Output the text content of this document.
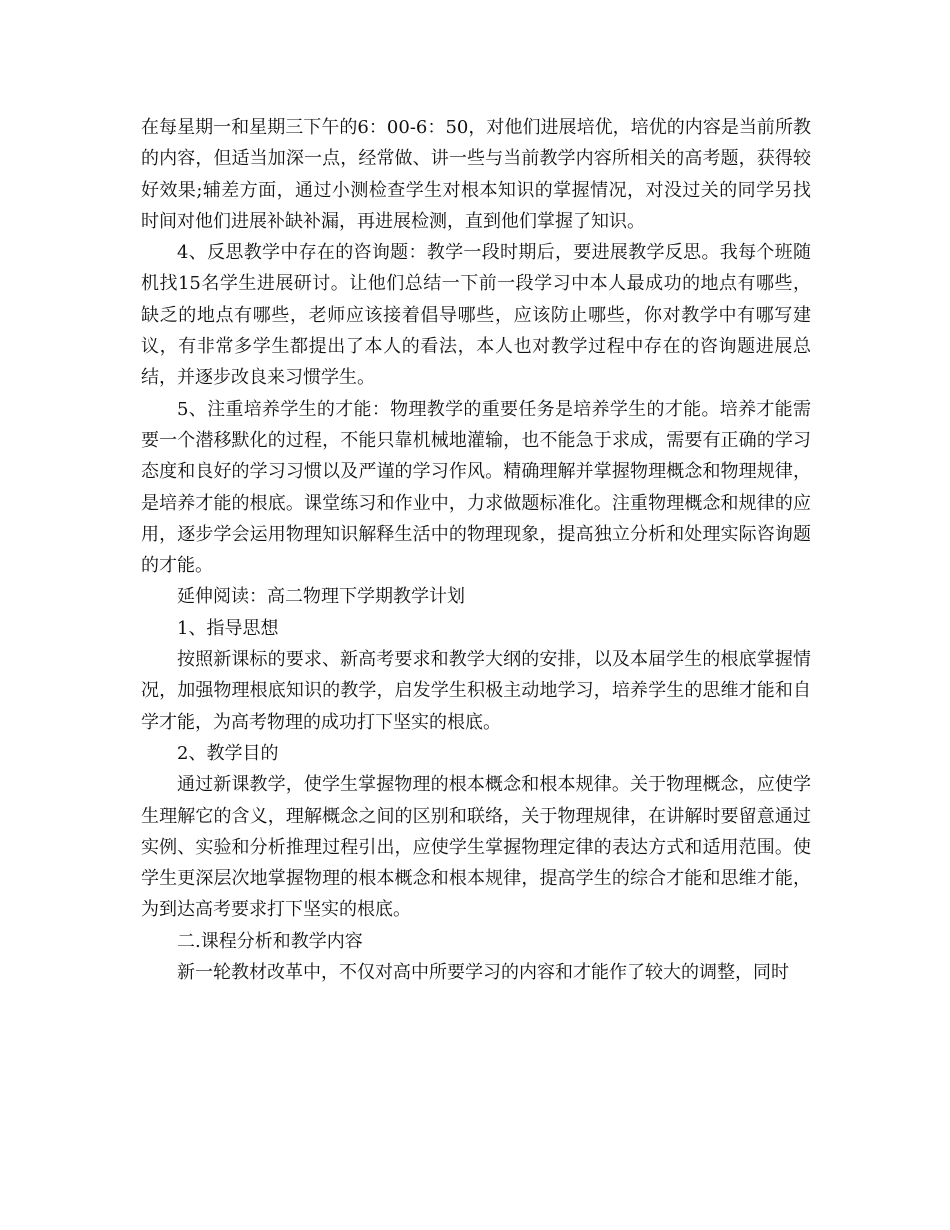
在每星期一和星期三下午的6：00-6：50，对他们进展培优，培优的内容是当前所教的内容，但适当加深一点，经常做、讲一些与当前教学内容所相关的高考题，获得较好效果;辅差方面，通过小测检查学生对根本知识的掌握情况，对没过关的同学另找时间对他们进展补缺补漏，再进展检测，直到他们掌握了知识。

4、反思教学中存在的咨询题：教学一段时期后，要进展教学反思。我每个班随机找15名学生进展研讨。让他们总结一下前一段学习中本人最成功的地点有哪些，缺乏的地点有哪些，老师应该接着倡导哪些，应该防止哪些，你对教学中有哪写建议，有非常多学生都提出了本人的看法，本人也对教学过程中存在的咨询题进展总结，并逐步改良来习惯学生。

5、注重培养学生的才能：物理教学的重要任务是培养学生的才能。培养才能需要一个潜移默化的过程，不能只靠机械地灌输，也不能急于求成，需要有正确的学习态度和良好的学习习惯以及严谨的学习作风。精确理解并掌握物理概念和物理规律，是培养才能的根底。课堂练习和作业中，力求做题标准化。注重物理概念和规律的应用，逐步学会运用物理知识解释生活中的物理现象，提高独立分析和处理实际咨询题的才能。

延伸阅读：高二物理下学期教学计划

1、指导思想

按照新课标的要求、新高考要求和教学大纲的安排，以及本届学生的根底掌握情况，加强物理根底知识的教学，启发学生积极主动地学习，培养学生的思维才能和自学才能，为高考物理的成功打下坚实的根底。

2、教学目的

通过新课教学，使学生掌握物理的根本概念和根本规律。关于物理概念，应使学生理解它的含义，理解概念之间的区别和联络，关于物理规律，在讲解时要留意通过实例、实验和分析推理过程引出，应使学生掌握物理定律的表达方式和适用范围。使学生更深层次地掌握物理的根本概念和根本规律，提高学生的综合才能和思维才能，为到达高考要求打下坚实的根底。

二.课程分析和教学内容

新一轮教材改革中，不仅对高中所要学习的内容和才能作了较大的调整，同时
